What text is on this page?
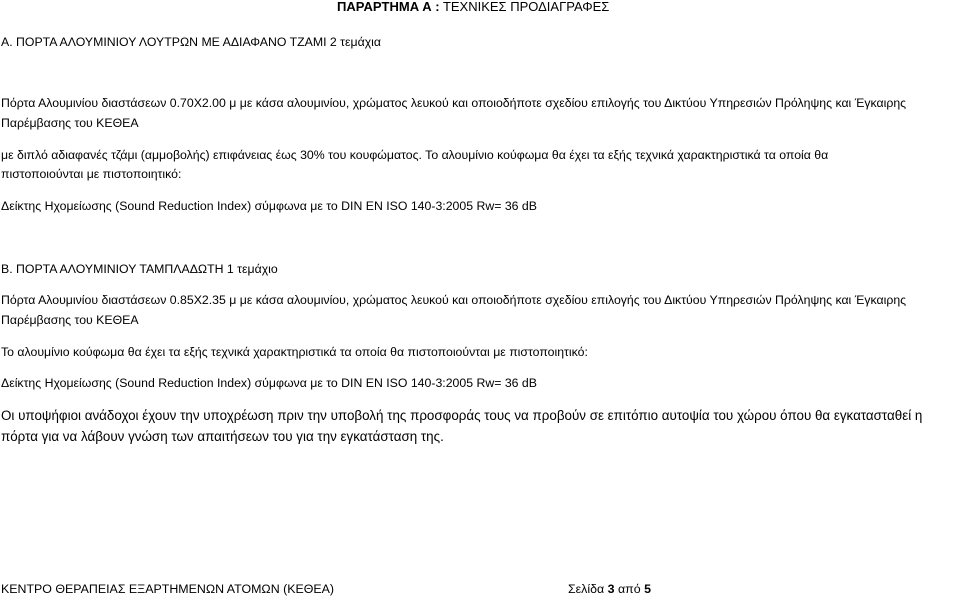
ΠΑΡΑΡΤΗΜΑ Α : ΤΕΧΝΙΚΕΣ ΠΡΟΔΙΑΓΡΑΦΕΣ
Α. ΠΟΡΤΑ ΑΛΟΥΜΙΝΙΟΥ ΛΟΥΤΡΩΝ ΜΕ ΑΔΙΑΦΑΝΟ ΤΖΑΜΙ 2 τεμάχια
Πόρτα Αλουμινίου διαστάσεων 0.70Χ2.00 μ με κάσα αλουμινίου, χρώματος λευκού και οποιοδήποτε σχεδίου επιλογής του Δικτύου Υπηρεσιών Πρόληψης και Έγκαιρης
Παρέμβασης του ΚΕΘΕΑ
με διπλό αδιαφανές τζάμι (αμμοβολής) επιφάνειας έως 30% του κουφώματος. Το αλουμίνιο κούφωμα θα έχει τα εξής τεχνικά χαρακτηριστικά τα οποία θα
πιστοποιούνται με πιστοποιητικό:
Δείκτης Ηχομείωσης (Sound Reduction Index) σύμφωνα με το DIN EN ISO 140-3:2005 Rw= 36 dB
Β. ΠΟΡΤΑ ΑΛΟΥΜΙΝΙΟΥ ΤΑΜΠΛΑΔΩΤΗ 1 τεμάχιο
Πόρτα Αλουμινίου διαστάσεων 0.85Χ2.35 μ με κάσα αλουμινίου, χρώματος λευκού και οποιοδήποτε σχεδίου επιλογής του Δικτύου Υπηρεσιών Πρόληψης και Έγκαιρης
Παρέμβασης του ΚΕΘΕΑ
Το αλουμίνιο κούφωμα θα έχει τα εξής τεχνικά χαρακτηριστικά τα οποία θα πιστοποιούνται με πιστοποιητικό:
Δείκτης Ηχομείωσης (Sound Reduction Index) σύμφωνα με το DIN EN ISO 140-3:2005 Rw= 36 dB
Οι υποψήφιοι ανάδοχοι έχουν την υποχρέωση πριν την υποβολή της προσφοράς τους να προβούν σε επιτόπιο αυτοψία του χώρου όπου θα εγκατασταθεί η
πόρτα για να λάβουν γνώση των απαιτήσεων του για την εγκατάσταση της.
ΚΕΝΤΡΟ ΘΕΡΑΠΕΙΑΣ ΕΞΑΡΤΗΜΕΝΩΝ ΑΤΟΜΩΝ (ΚΕΘΕΑ)	Σελίδα 3 από 5
